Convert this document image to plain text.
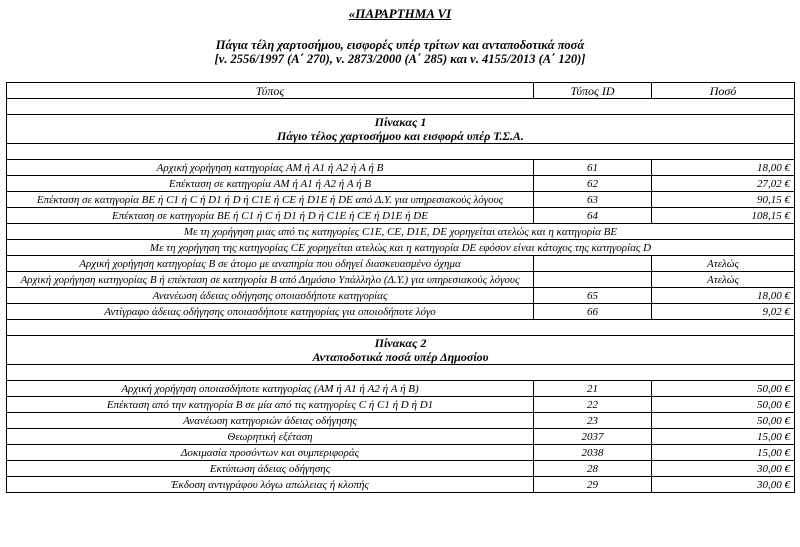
«ΠΑΡΑΡΤΗΜΑ VI
Πάγια τέλη χαρτοσήμου, εισφορές υπέρ τρίτων και ανταποδοτικά ποσά
[ν. 2556/1997 (Α΄ 270), ν. 2873/2000 (Α΄ 285) και ν. 4155/2013 (Α΄ 120)]
Τύπος	Τύπος ID	Ποσό

Πίνακας 1
Πάγιο τέλος χαρτοσήμου και εισφορά υπέρ Τ.Σ.Α.		

Αρχική χορήγηση κατηγορίας AM ή A1 ή A2 ή A ή B	61	18,00 €
Επέκταση σε κατηγορία AM ή A1 ή A2 ή A ή B	62	27,02 €
Επέκταση σε κατηγορία BE ή C1 ή C ή D1 ή D ή C1E ή CE ή D1E ή DE από Δ.Υ. για υπηρεσιακούς λόγους	63	90,15 €
Επέκταση σε κατηγορία BE ή C1 ή C ή D1 ή D ή C1E ή CE ή D1E ή DE	64	108,15 €
Με τη χορήγηση μιας από τις κατηγορίες C1E, CE, D1E, DE χορηγείται ατελώς και η κατηγορία BE		
Με τη χορήγηση της κατηγορίας CE χορηγείται ατελώς και η κατηγορία DE εφόσον είναι κάτοχος της κατηγορίας D		
Αρχική χορήγηση κατηγορίας B σε άτομο με αναπηρία που οδηγεί διασκευασμένο όχημα		Ατελώς
Αρχική χορήγηση κατηγορίας B ή επέκταση σε κατηγορία B από Δημόσιο Υπάλληλο (Δ.Υ.) για υπηρεσιακούς λόγους		Ατελώς
Ανανέωση άδειας οδήγησης οποιασδήποτε κατηγορίας	65	18,00 €
Αντίγραφο άδειας οδήγησης οποιασδήποτε κατηγορίας για οποιοδήποτε λόγο	66	9,02 €

Πίνακας 2
Ανταποδοτικά ποσά υπέρ Δημοσίου		

Αρχική χορήγηση οποιασδήποτε κατηγορίας (AM ή A1 ή A2 ή A ή B)	21	50,00 €
Επέκταση από την κατηγορία B σε μία από τις κατηγορίες C ή C1 ή D ή D1	22	50,00 €
Ανανέωση κατηγοριών άδειας οδήγησης	23	50,00 €
Θεωρητική εξέταση	2037	15,00 €
Δοκιμασία προσόντων και συμπεριφοράς	2038	15,00 €
Εκτύπωση άδειας οδήγησης	28	30,00 €
Έκδοση αντιγράφου λόγω απώλειας ή κλοπής	29	30,00 €
